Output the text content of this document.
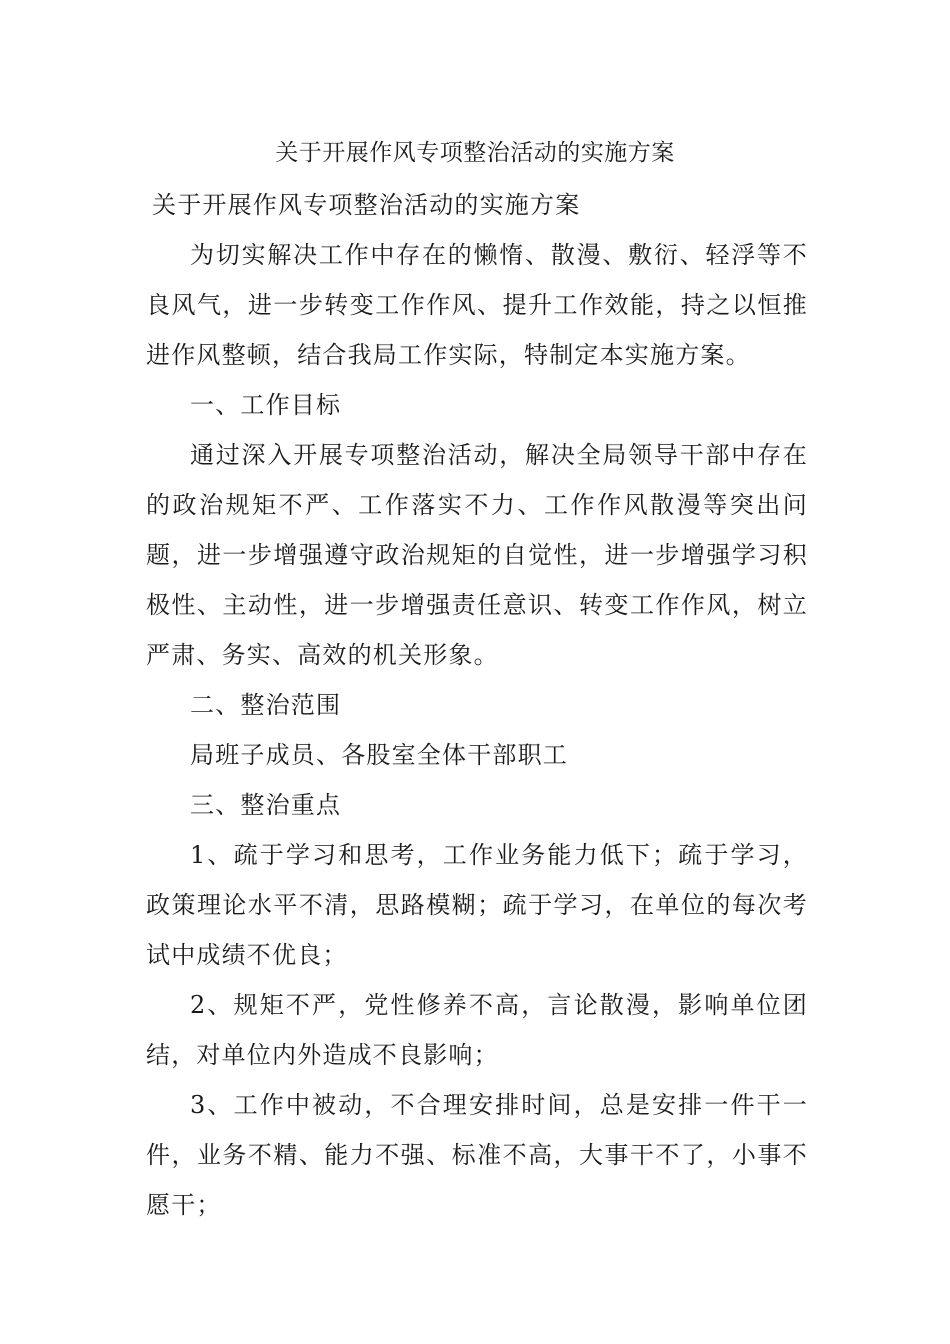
关于开展作风专项整治活动的实施方案

关于开展作风专项整治活动的实施方案

为切实解决工作中存在的懒惰、散漫、敷衍、轻浮等不良风气，进一步转变工作作风、提升工作效能，持之以恒推进作风整顿，结合我局工作实际，特制定本实施方案。

一、工作目标

通过深入开展专项整治活动，解决全局领导干部中存在的政治规矩不严、工作落实不力、工作作风散漫等突出问题，进一步增强遵守政治规矩的自觉性，进一步增强学习积极性、主动性，进一步增强责任意识、转变工作作风，树立严肃、务实、高效的机关形象。

二、整治范围

局班子成员、各股室全体干部职工

三、整治重点

1、疏于学习和思考，工作业务能力低下；疏于学习，政策理论水平不清，思路模糊；疏于学习，在单位的每次考试中成绩不优良；

2、规矩不严，党性修养不高，言论散漫，影响单位团结，对单位内外造成不良影响；

3、工作中被动，不合理安排时间，总是安排一件干一件，业务不精、能力不强、标准不高，大事干不了，小事不愿干；
